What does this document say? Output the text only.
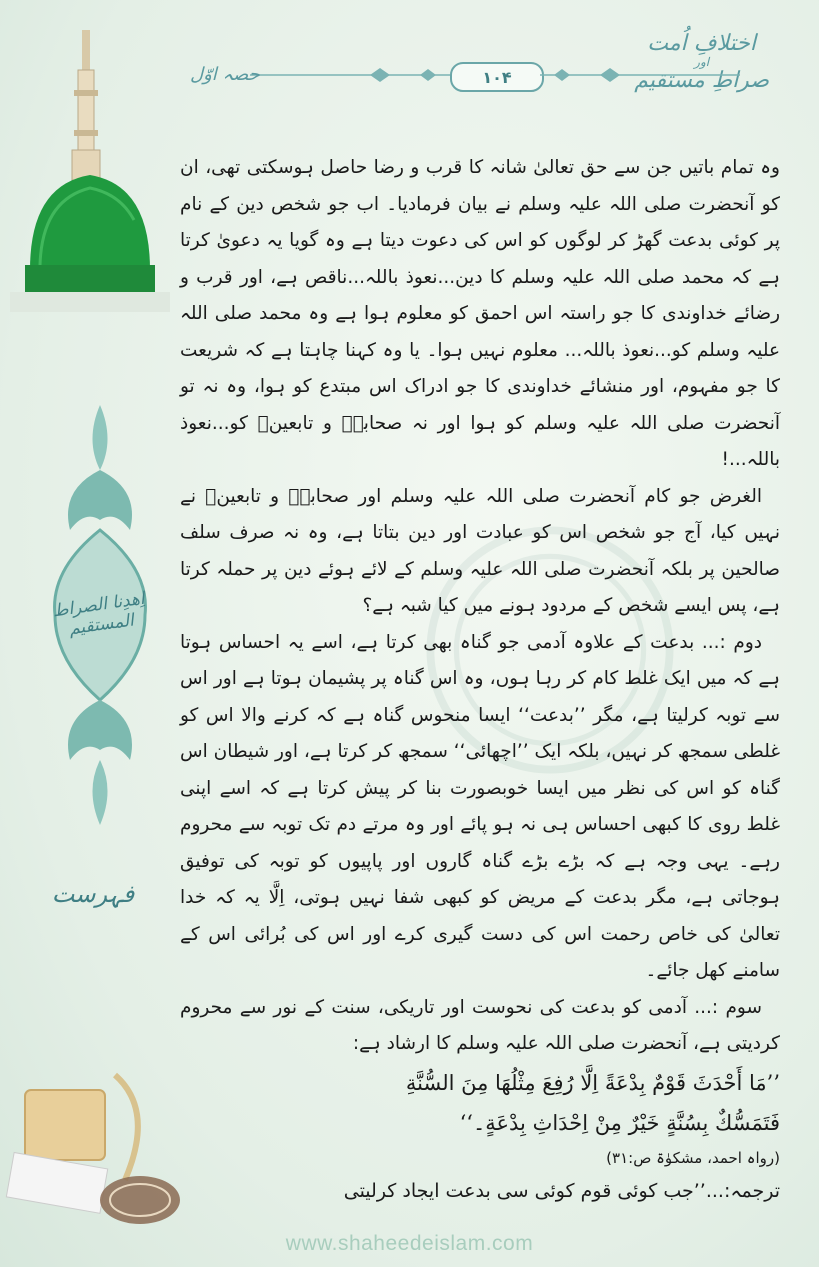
اِهدِنا الصراط المستقیم
فہرست
اختلافِ اُمت
اور
صراطِ مستقیم
۱۰۴
حصہ اوّل

وہ تمام باتیں جن سے حق تعالیٰ شانہ کا قرب و رضا حاصل ہوسکتی تھی، ان کو آنحضرت صلی اللہ علیہ وسلم نے بیان فرمادیا۔ اب جو شخص دین کے نام پر کوئی بدعت گھڑ کر لوگوں کو اس کی دعوت دیتا ہے وہ گویا یہ دعویٰ کرتا ہے کہ محمد صلی اللہ علیہ وسلم کا دین...نعوذ باللہ...ناقص ہے، اور قرب و رضائے خداوندی کا جو راستہ اس احمق کو معلوم ہوا ہے وہ محمد صلی اللہ علیہ وسلم کو...نعوذ باللہ... معلوم نہیں ہوا۔ یا وہ کہنا چاہتا ہے کہ شریعت کا جو مفہوم، اور منشائے خداوندی کا جو ادراک اس مبتدع کو ہوا، وہ نہ تو آنحضرت صلی اللہ علیہ وسلم کو ہوا اور نہ صحابہؓ و تابعینؒ کو...نعوذ باللہ...!

الغرض جو کام آنحضرت صلی اللہ علیہ وسلم اور صحابہؓ و تابعینؒ نے نہیں کیا، آج جو شخص اس کو عبادت اور دین بتاتا ہے، وہ نہ صرف سلف صالحین پر بلکہ آنحضرت صلی اللہ علیہ وسلم کے لائے ہوئے دین پر حملہ کرتا ہے، پس ایسے شخص کے مردود ہونے میں کیا شبہ ہے؟

دوم :... بدعت کے علاوہ آدمی جو گناہ بھی کرتا ہے، اسے یہ احساس ہوتا ہے کہ میں ایک غلط کام کر رہا ہوں، وہ اس گناہ پر پشیمان ہوتا ہے اور اس سے توبہ کرلیتا ہے، مگر ’’بدعت‘‘ ایسا منحوس گناہ ہے کہ کرنے والا اس کو غلطی سمجھ کر نہیں، بلکہ ایک ’’اچھائی‘‘ سمجھ کر کرتا ہے، اور شیطان اس گناہ کو اس کی نظر میں ایسا خوبصورت بنا کر پیش کرتا ہے کہ اسے اپنی غلط روی کا کبھی احساس ہی نہ ہو پائے اور وہ مرتے دم تک توبہ سے محروم رہے۔ یہی وجہ ہے کہ بڑے بڑے گناہ گاروں اور پاپیوں کو توبہ کی توفیق ہوجاتی ہے، مگر بدعت کے مریض کو کبھی شفا نہیں ہوتی، اِلَّا یہ کہ خدا تعالیٰ کی خاص رحمت اس کی دست گیری کرے اور اس کی بُرائی اس کے سامنے کھل جائے۔

سوم :... آدمی کو بدعت کی نحوست اور تاریکی، سنت کے نور سے محروم کردیتی ہے، آنحضرت صلی اللہ علیہ وسلم کا ارشاد ہے:

’’مَا أَحْدَثَ قَوْمٌ بِدْعَةً اِلَّا رُفِعَ مِثْلُهَا مِنَ السُّنَّةِ

فَتَمَسُّكٌ بِسُنَّةٍ خَيْرٌ مِنْ اِحْدَاثِ بِدْعَةٍ۔‘‘

(رواہ احمد، مشکوٰۃ ص:۳۱)

ترجمہ:...’’جب کوئی قوم کوئی سی بدعت ایجاد کرلیتی

www.shaheedeislam.com
